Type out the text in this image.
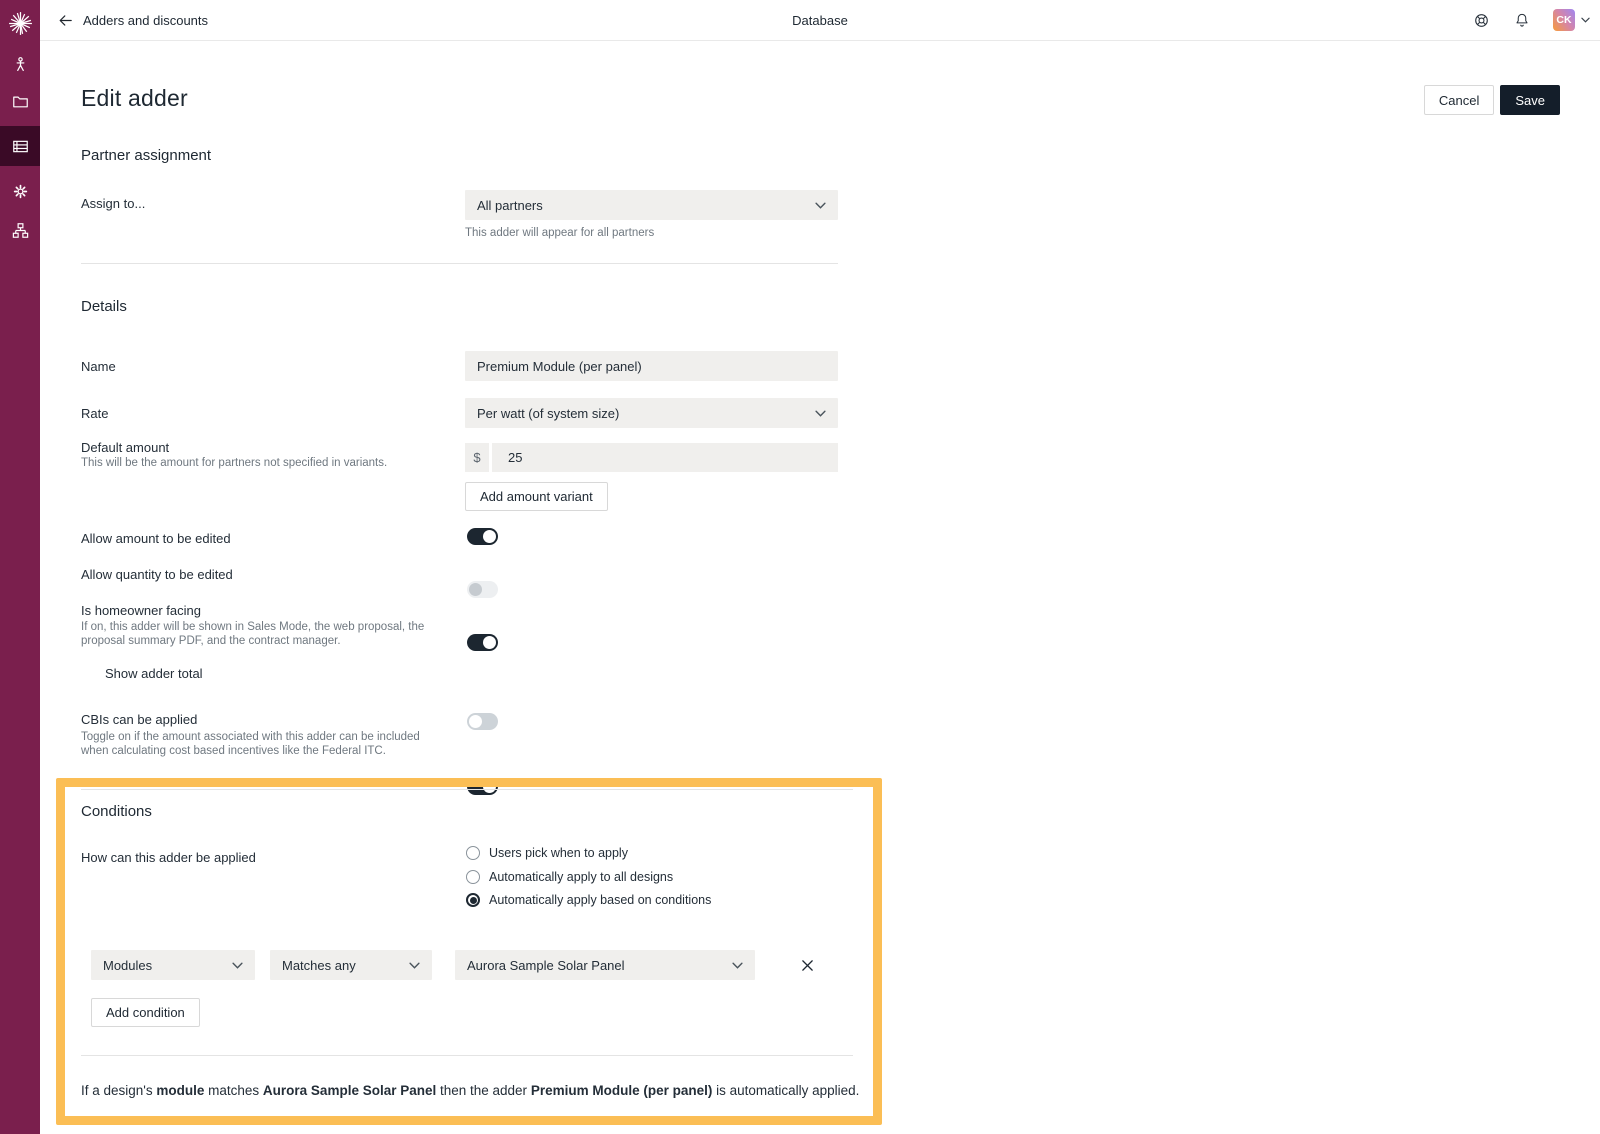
Database
Adders and discounts	CK
Edit adder	Cancel	Save
Partner assignment
Assign to...	All partners
This adder will appear for all partners
Details
Name	Premium Module (per panel)
Rate	Per watt (of system size)
Default amount
This will be the amount for partners not specified in variants.	$	25
Add amount variant
Allow amount to be edited
Allow quantity to be edited
Is homeowner facing
If on, this adder will be shown in Sales Mode, the web proposal, the proposal summary PDF, and the contract manager.
Show adder total
CBIs can be applied
Toggle on if the amount associated with this adder can be included when calculating cost based incentives like the Federal ITC.
Conditions
How can this adder be applied	Users pick when to apply
Automatically apply to all designs
Automatically apply based on conditions
Modules	Matches any	Aurora Sample Solar Panel
Add condition

If a design's module matches Aurora Sample Solar Panel then the adder Premium Module (per panel) is automatically applied.
